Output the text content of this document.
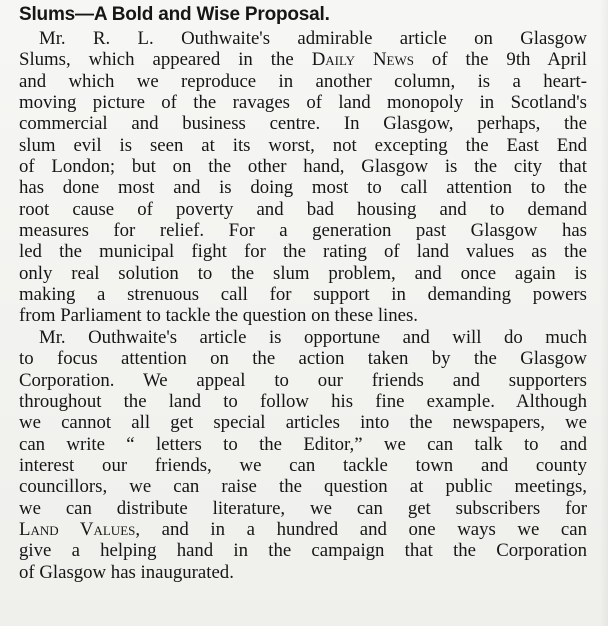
Slums—A Bold and Wise Proposal.
Mr. R. L. Outhwaite's admirable article on Glasgow
Slums, which appeared in the Daily News of the 9th April
and which we reproduce in another column, is a heart-
moving picture of the ravages of land monopoly in Scotland's
commercial and business centre. In Glasgow, perhaps, the
slum evil is seen at its worst, not excepting the East End
of London; but on the other hand, Glasgow is the city that
has done most and is doing most to call attention to the
root cause of poverty and bad housing and to demand
measures for relief. For a generation past Glasgow has
led the municipal fight for the rating of land values as the
only real solution to the slum problem, and once again is
making a strenuous call for support in demanding powers
from Parliament to tackle the question on these lines.
Mr. Outhwaite's article is opportune and will do much
to focus attention on the action taken by the Glasgow
Corporation. We appeal to our friends and supporters
throughout the land to follow his fine example. Although
we cannot all get special articles into the newspapers, we
can write “ letters to the Editor,” we can talk to and
interest our friends, we can tackle town and county
councillors, we can raise the question at public meetings,
we can distribute literature, we can get subscribers for
Land Values, and in a hundred and one ways we can
give a helping hand in the campaign that the Corporation
of Glasgow has inaugurated.
